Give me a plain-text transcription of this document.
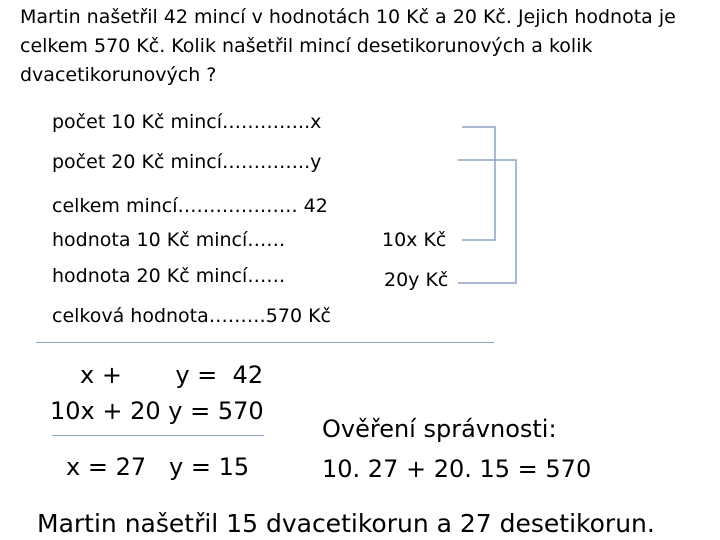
Martin našetřil 42 mincí v hodnotách 10 Kč a 20 Kč. Jejich hodnota je
celkem 570 Kč. Kolik našetřil mincí desetikorunových a kolik
dvacetikorunových ?
počet 10 Kč mincí…………..x
počet 20 Kč mincí…………..y
celkem mincí………………. 42
hodnota 10 Kč mincí……	10x Kč
hodnota 20 Kč mincí……	20y Kč
celková hodnota………570 Kč
x +       y =  42
10x + 20 y = 570
x = 27   y = 15
Ověření správnosti:
10. 27 + 20. 15 = 570
Martin našetřil 15 dvacetikorun a 27 desetikorun.
